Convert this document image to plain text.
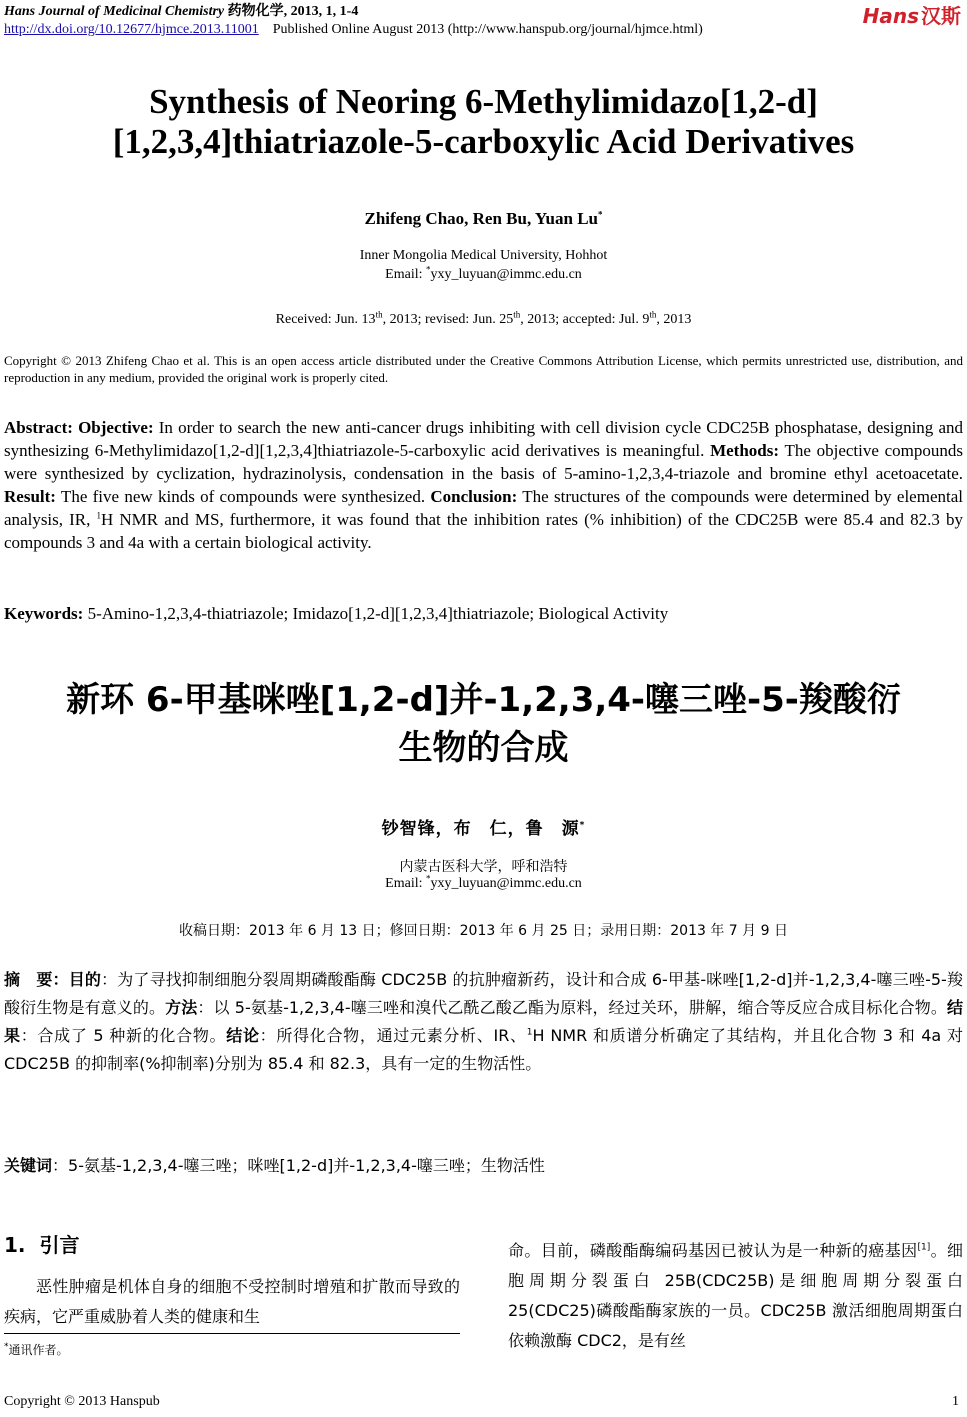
Hans Journal of Medicinal Chemistry 药物化学, 2013, 1, 1-4
http://dx.doi.org/10.12677/hjmce.2013.11001 Published Online August 2013 (http://www.hanspub.org/journal/hjmce.html)
Hans 汉斯
Synthesis of Neoring 6-Methylimidazo[1,2-d]
[1,2,3,4]thiatriazole-5-carboxylic Acid Derivatives
Zhifeng Chao, Ren Bu, Yuan Lu*
Inner Mongolia Medical University, Hohhot
Email: *yxy_luyuan@immc.edu.cn
Received: Jun. 13th, 2013; revised: Jun. 25th, 2013; accepted: Jul. 9th, 2013
Copyright © 2013 Zhifeng Chao et al. This is an open access article distributed under the Creative Commons Attribution License, which permits unrestricted use, distribution, and reproduction in any medium, provided the original work is properly cited.
Abstract: Objective: In order to search the new anti-cancer drugs inhibiting with cell division cycle CDC25B phosphatase, designing and synthesizing 6-Methylimidazo[1,2-d][1,2,3,4]thiatriazole-5-carboxylic acid derivatives is meaningful. Methods: The objective compounds were synthesized by cyclization, hydrazinolysis, condensation in the basis of 5-amino-1,2,3,4-triazole and bromine ethyl acetoacetate. Result: The five new kinds of compounds were synthesized. Conclusion: The structures of the compounds were determined by elemental analysis, IR, $^1$H NMR and MS, furthermore, it was found that the inhibition rates (% inhibition) of the CDC25B were 85.4 and 82.3 by compounds 3 and 4a with a certain biological activity.
Keywords: 5-Amino-1,2,3,4-thiatriazole; Imidazo[1,2-d][1,2,3,4]thiatriazole; Biological Activity
新环 6-甲基咪唑[1,2-d]并-1,2,3,4-噻三唑-5-羧酸衍
生物的合成
钞智锋，布　仁，鲁　源*
内蒙古医科大学，呼和浩特
Email: *yxy_luyuan@immc.edu.cn
收稿日期：2013 年 6 月 13 日；修回日期：2013 年 6 月 25 日；录用日期：2013 年 7 月 9 日
摘　要：目的：为了寻找抑制细胞分裂周期磷酸酯酶 CDC25B 的抗肿瘤新药，设计和合成 6-甲基-咪唑[1,2-d]并-1,2,3,4-噻三唑-5-羧酸衍生物是有意义的。方法：以 5-氨基-1,2,3,4-噻三唑和溴代乙酰乙酸乙酯为原料，经过关环，肼解，缩合等反应合成目标化合物。结果：合成了 5 种新的化合物。结论：所得化合物，通过元素分析、IR、$^1$H NMR 和质谱分析确定了其结构，并且化合物 3 和 4a 对 CDC25B 的抑制率(%抑制率)分别为 85.4 和 82.3，具有一定的生物活性。
关键词：5-氨基-1,2,3,4-噻三唑；咪唑[1,2-d]并-1,2,3,4-噻三唑；生物活性
1. 引言
恶性肿瘤是机体自身的细胞不受控制时增殖和扩散而导致的疾病，它严重威胁着人类的健康和生
命。目前，磷酸酯酶编码基因已被认为是一种新的癌基因[1]。细胞周期分裂蛋白 25B(CDC25B)是细胞周期分裂蛋白 25(CDC25)磷酸酯酶家族的一员。CDC25B 激活细胞周期蛋白依赖激酶 CDC2，是有丝
*通讯作者。
Copyright © 2013 Hanspub	1
